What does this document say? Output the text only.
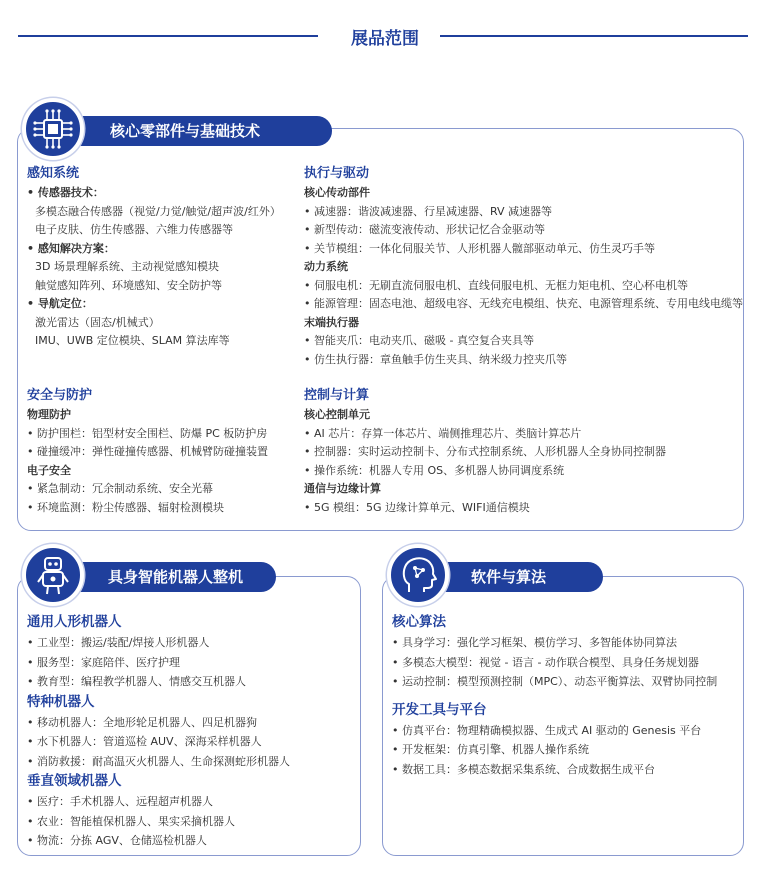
展品范围
核心零部件与基础技术
感知系统
• 传感器技术：
多模态融合传感器（视觉/力觉/触觉/超声波/红外）
电子皮肤、仿生传感器、六维力传感器等
• 感知解决方案：
3D 场景理解系统、主动视觉感知模块
触觉感知阵列、环境感知、安全防护等
• 导航定位：
激光雷达（固态/机械式）
IMU、UWB 定位模块、SLAM 算法库等
安全与防护
物理防护
• 防护围栏：铝型材安全围栏、防爆 PC 板防护房
• 碰撞缓冲：弹性碰撞传感器、机械臂防碰撞装置
电子安全
• 紧急制动：冗余制动系统、安全光幕
• 环境监测：粉尘传感器、辐射检测模块
执行与驱动
核心传动部件
• 减速器：谐波减速器、行星减速器、RV 减速器等
• 新型传动：磁流变液传动、形状记忆合金驱动等
• 关节模组：一体化伺服关节、人形机器人髋部驱动单元、仿生灵巧手等
动力系统
• 伺服电机：无刷直流伺服电机、直线伺服电机、无框力矩电机、空心杯电机等
• 能源管理：固态电池、超级电容、无线充电模组、快充、电源管理系统、专用电线电缆等
末端执行器
• 智能夹爪：电动夹爪、磁吸 - 真空复合夹具等
• 仿生执行器：章鱼触手仿生夹具、纳米级力控夹爪等
控制与计算
核心控制单元
• AI 芯片：存算一体芯片、端侧推理芯片、类脑计算芯片
• 控制器：实时运动控制卡、分布式控制系统、人形机器人全身协同控制器
• 操作系统：机器人专用 OS、多机器人协同调度系统
通信与边缘计算
• 5G 模组：5G 边缘计算单元、WIFI通信模块
具身智能机器人整机
通用人形机器人
• 工业型：搬运/装配/焊接人形机器人
• 服务型：家庭陪伴、医疗护理
• 教育型：编程教学机器人、情感交互机器人
特种机器人
• 移动机器人：全地形轮足机器人、四足机器狗
• 水下机器人：管道巡检 AUV、深海采样机器人
• 消防救援：耐高温灭火机器人、生命探测蛇形机器人
垂直领域机器人
• 医疗：手术机器人、远程超声机器人
• 农业：智能植保机器人、果实采摘机器人
• 物流：分拣 AGV、仓储巡检机器人
软件与算法
核心算法
• 具身学习：强化学习框架、模仿学习、多智能体协同算法
• 多模态大模型：视觉 - 语言 - 动作联合模型、具身任务规划器
• 运动控制：模型预测控制（MPC）、动态平衡算法、双臂协同控制
开发工具与平台
• 仿真平台：物理精确模拟器、生成式 AI 驱动的 Genesis 平台
• 开发框架：仿真引擎、机器人操作系统
• 数据工具：多模态数据采集系统、合成数据生成平台
